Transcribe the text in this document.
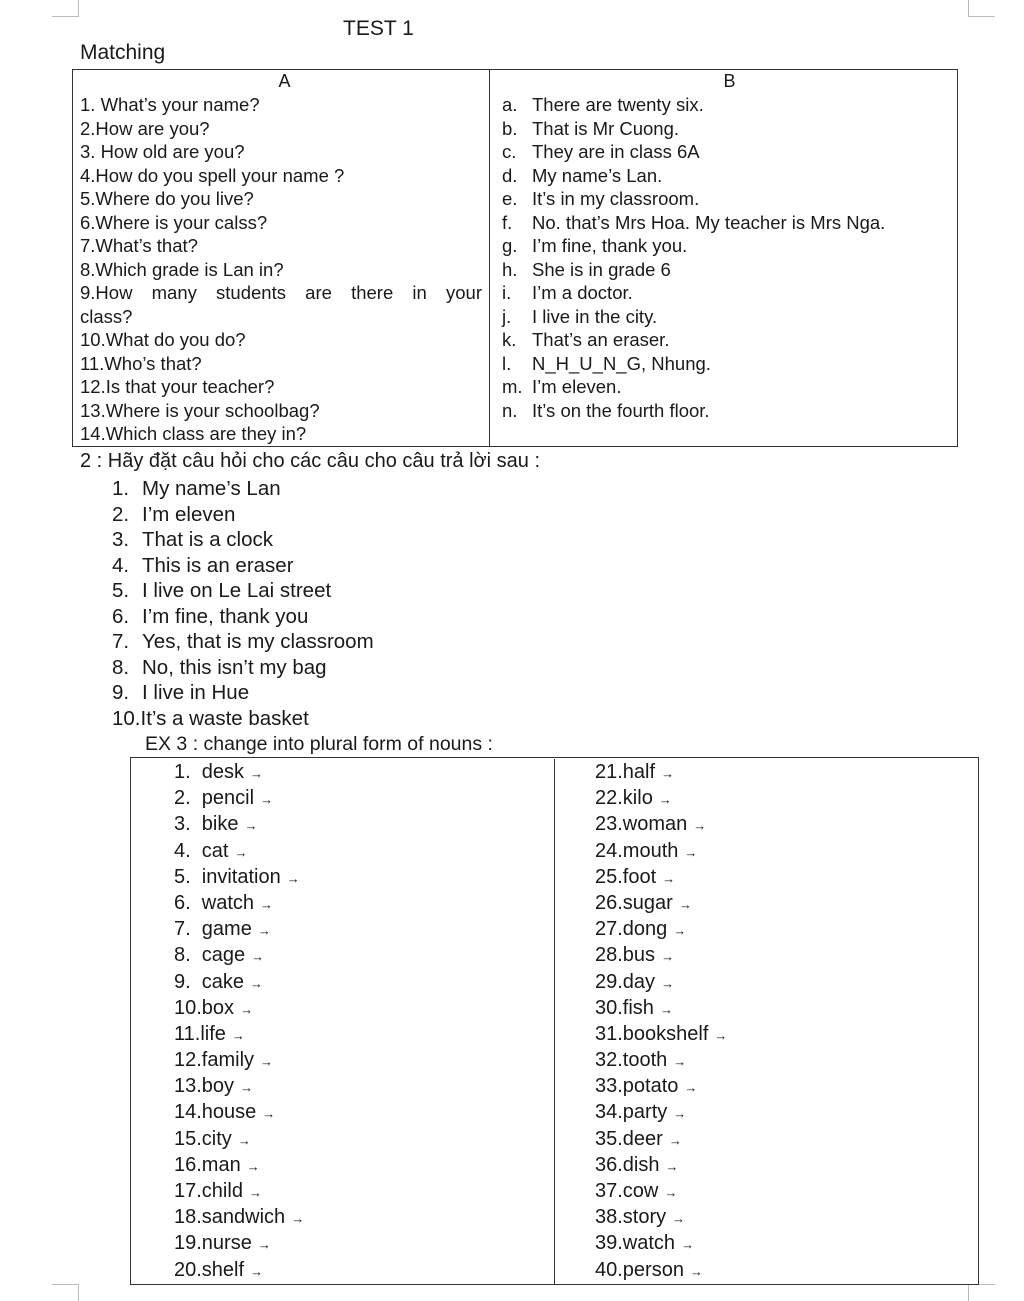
TEST 1
Matching
A
1. What’s your name?
2.How are you?
3. How old are you?
4.How do you spell your name ?
5.Where do you live?
6.Where is your calss?
7.What’s that?
8.Which grade is Lan in?
9.How many students are there in your
class?
10.What do you do?
11.Who’s that?
12.Is that your teacher?
13.Where is your schoolbag?
14.Which class are they in?
B
a. There are twenty six.
b. That is Mr Cuong.
c. They are in class 6A
d. My name’s Lan.
e. It’s in my classroom.
f. No. that’s Mrs Hoa. My teacher is Mrs Nga.
g. I’m fine, thank you.
h. She is in grade 6
i. I’m a doctor.
j. I live in the city.
k. That’s an eraser.
l. N_H_U_N_G, Nhung.
m. I’m eleven.
n. It’s on the fourth floor.
2 : Hãy đặt câu hỏi cho các câu cho câu trả lời sau :
1. My name’s Lan
2. I’m eleven
3. That is a clock
4. This is an eraser
5. I live on Le Lai street
6. I’m fine, thank you
7. Yes, that is my classroom
8. No, this isn’t my bag
9. I live in Hue
10.It’s a waste basket
EX 3 : change into plural form of nouns :
1.  desk →
2.  pencil →
3.  bike →
4.  cat →
5.  invitation →
6.  watch →
7.  game →
8.  cage →
9.  cake →
10.box →
11.life →
12.family →
13.boy →
14.house →
15.city →
16.man →
17.child →
18.sandwich →
19.nurse →
20.shelf →
21.half →
22.kilo →
23.woman →
24.mouth →
25.foot →
26.sugar →
27.dong →
28.bus →
29.day →
30.fish →
31.bookshelf →
32.tooth →
33.potato →
34.party →
35.deer →
36.dish →
37.cow →
38.story →
39.watch →
40.person →
